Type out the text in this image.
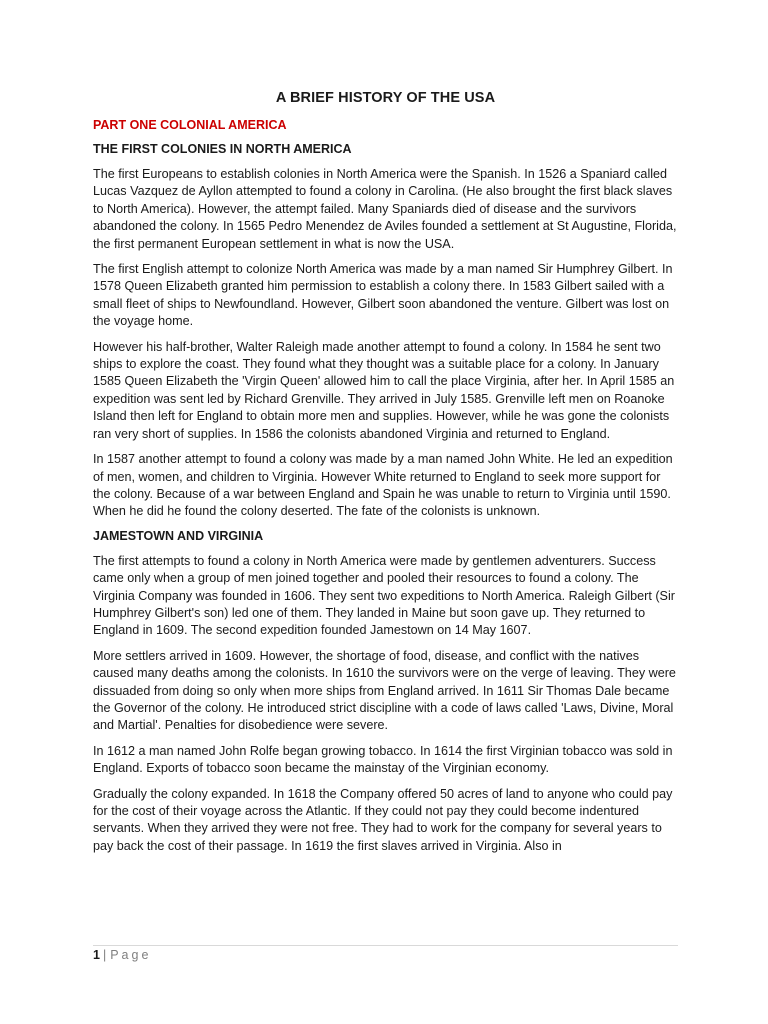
A BRIEF HISTORY OF THE USA
PART ONE COLONIAL AMERICA
THE FIRST COLONIES IN NORTH AMERICA

The first Europeans to establish colonies in North America were the Spanish. In 1526 a Spaniard called Lucas Vazquez de Ayllon attempted to found a colony in Carolina. (He also brought the first black slaves to North America). However, the attempt failed. Many Spaniards died of disease and the survivors abandoned the colony. In 1565 Pedro Menendez de Aviles founded a settlement at St Augustine, Florida, the first permanent European settlement in what is now the USA.

The first English attempt to colonize North America was made by a man named Sir Humphrey Gilbert. In 1578 Queen Elizabeth granted him permission to establish a colony there. In 1583 Gilbert sailed with a small fleet of ships to Newfoundland. However, Gilbert soon abandoned the venture. Gilbert was lost on the voyage home.

However his half-brother, Walter Raleigh made another attempt to found a colony. In 1584 he sent two ships to explore the coast. They found what they thought was a suitable place for a colony. In January 1585 Queen Elizabeth the 'Virgin Queen' allowed him to call the place Virginia, after her. In April 1585 an expedition was sent led by Richard Grenville. They arrived in July 1585. Grenville left men on Roanoke Island then left for England to obtain more men and supplies. However, while he was gone the colonists ran very short of supplies. In 1586 the colonists abandoned Virginia and returned to England.

In 1587 another attempt to found a colony was made by a man named John White. He led an expedition of men, women, and children to Virginia. However White returned to England to seek more support for the colony. Because of a war between England and Spain he was unable to return to Virginia until 1590. When he did he found the colony deserted. The fate of the colonists is unknown.

JAMESTOWN AND VIRGINIA

The first attempts to found a colony in North America were made by gentlemen adventurers. Success came only when a group of men joined together and pooled their resources to found a colony. The Virginia Company was founded in 1606. They sent two expeditions to North America. Raleigh Gilbert (Sir Humphrey Gilbert's son) led one of them. They landed in Maine but soon gave up. They returned to England in 1609. The second expedition founded Jamestown on 14 May 1607.

More settlers arrived in 1609. However, the shortage of food, disease, and conflict with the natives caused many deaths among the colonists. In 1610 the survivors were on the verge of leaving. They were dissuaded from doing so only when more ships from England arrived. In 1611 Sir Thomas Dale became the Governor of the colony. He introduced strict discipline with a code of laws called 'Laws, Divine, Moral and Martial'. Penalties for disobedience were severe.

In 1612 a man named John Rolfe began growing tobacco. In 1614 the first Virginian tobacco was sold in England. Exports of tobacco soon became the mainstay of the Virginian economy.

Gradually the colony expanded. In 1618 the Company offered 50 acres of land to anyone who could pay for the cost of their voyage across the Atlantic. If they could not pay they could become indentured servants. When they arrived they were not free. They had to work for the company for several years to pay back the cost of their passage. In 1619 the first slaves arrived in Virginia. Also in

1 | Page
